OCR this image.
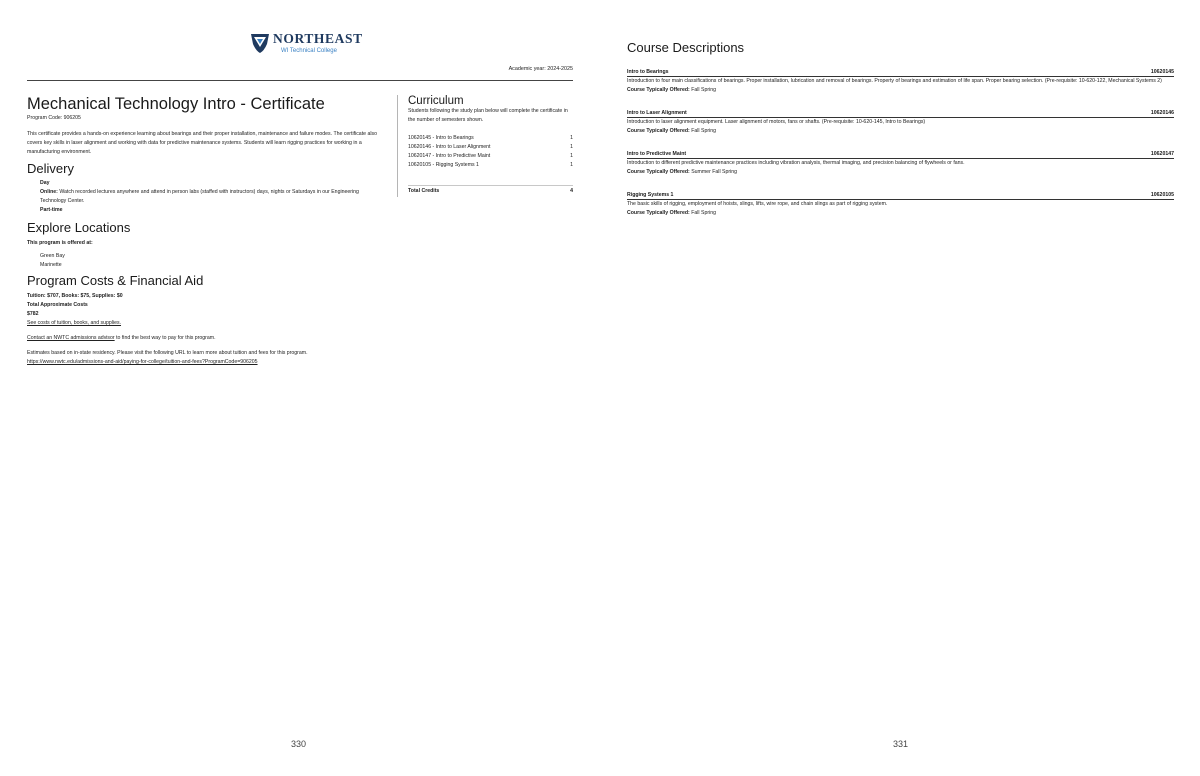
NORTHEAST
WI Technical College
Academic year: 2024-2025
Mechanical Technology Intro - Certificate
Program Code: 906205
This certificate provides a hands-on experience learning about bearings and their proper installation, maintenance and failure modes. The certificate also covers key skills in laser alignment and working with data for predictive maintenance systems. Students will learn rigging practices for working in a manufacturing environment.
Delivery
Day
Online: Watch recorded lectures anywhere and attend in person labs (staffed with instructors) days, nights or Saturdays in our Engineering Technology Center.
Part-time
Explore Locations
This program is offered at:
Green Bay
Marinette
Program Costs & Financial Aid
Tuition: $707, Books: $75, Supplies: $0
Total Approximate Costs
$782
See costs of tuition, books, and supplies.
Contact an NWTC admissions advisor to find the best way to pay for this program.
Estimates based on in-state residency. Please visit the following URL to learn more about tuition and fees for this program.
https://www.nwtc.edu/admissions-and-aid/paying-for-college/tuition-and-fees?ProgramCode=906205
Curriculum
Students following the study plan below will complete the certificate in the number of semesters shown.
10620145 - Intro to Bearings	1
10620146 - Intro to Laser Alignment	1
10620147 - Intro to Predictive Maint	1
10620105 - Rigging Systems 1	1
Total Credits	4
330
Course Descriptions
Intro to Bearings	10620145
Introduction to four main classifications of bearings. Proper installation, lubrication and removal of bearings. Property of bearings and estimation of life span. Proper bearing selection. (Pre-requisite: 10-620-122, Mechanical Systems 2)
Course Typically Offered: Fall Spring
Intro to Laser Alignment	10620146
Introduction to laser alignment equipment. Laser alignment of motors, fans or shafts. (Pre-requisite: 10-620-145, Intro to Bearings)
Course Typically Offered: Fall Spring
Intro to Predictive Maint	10620147
Introduction to different predictive maintenance practices including vibration analysis, thermal imaging, and precision balancing of flywheels or fans.
Course Typically Offered: Summer Fall Spring
Rigging Systems 1	10620105
The basic skills of rigging, employment of hoists, slings, lifts, wire rope, and chain slings as part of rigging system.
Course Typically Offered: Fall Spring
331
